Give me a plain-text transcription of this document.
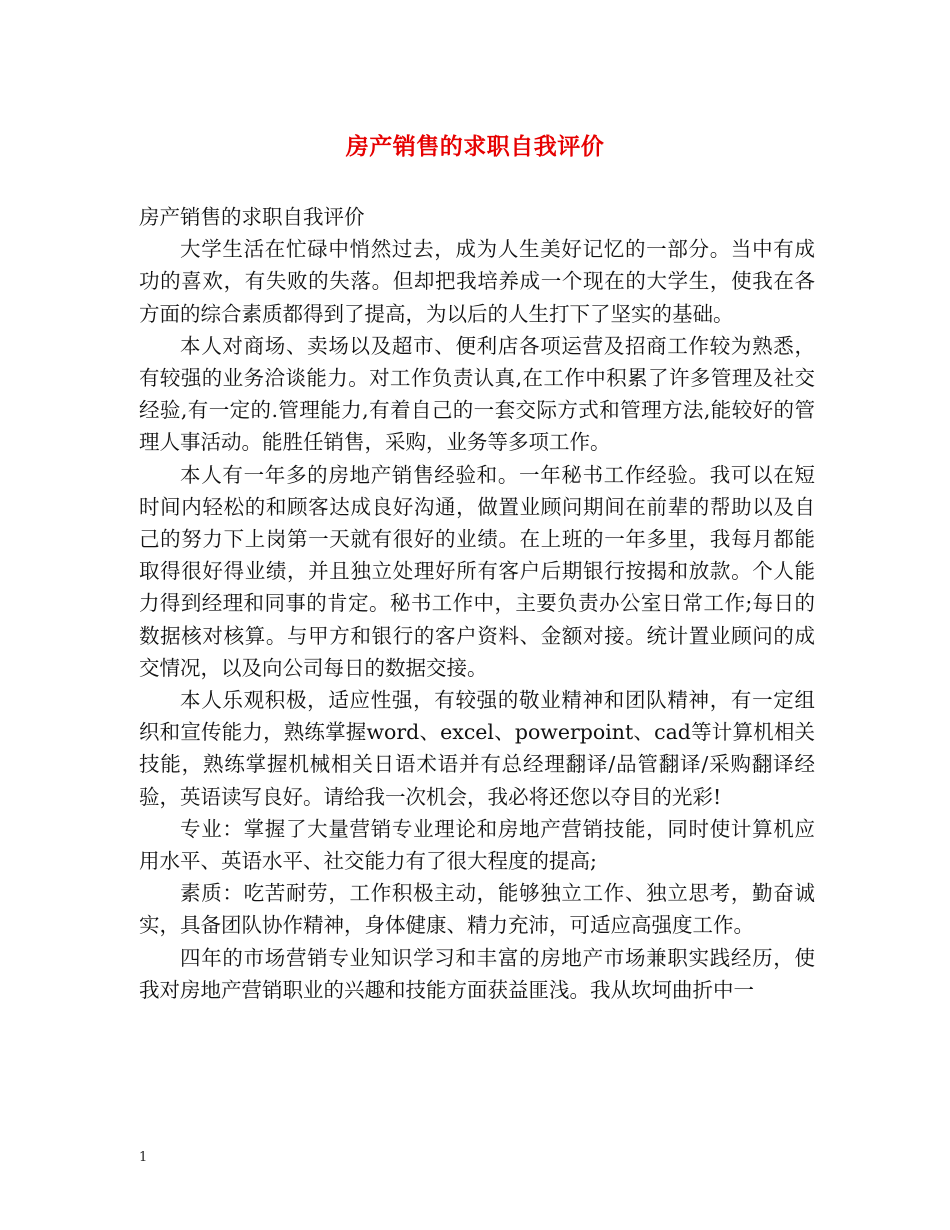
房产销售的求职自我评价

房产销售的求职自我评价

大学生活在忙碌中悄然过去，成为人生美好记忆的一部分。当中有成功的喜欢，有失败的失落。但却把我培养成一个现在的大学生，使我在各方面的综合素质都得到了提高，为以后的人生打下了坚实的基础。

本人对商场、卖场以及超市、便利店各项运营及招商工作较为熟悉，有较强的业务洽谈能力。对工作负责认真,在工作中积累了许多管理及社交经验,有一定的.管理能力,有着自己的一套交际方式和管理方法,能较好的管理人事活动。能胜任销售，采购，业务等多项工作。

本人有一年多的房地产销售经验和。一年秘书工作经验。我可以在短时间内轻松的和顾客达成良好沟通，做置业顾问期间在前辈的帮助以及自己的努力下上岗第一天就有很好的业绩。在上班的一年多里，我每月都能取得很好得业绩，并且独立处理好所有客户后期银行按揭和放款。个人能力得到经理和同事的肯定。秘书工作中，主要负责办公室日常工作;每日的数据核对核算。与甲方和银行的客户资料、金额对接。统计置业顾问的成交情况，以及向公司每日的数据交接。

本人乐观积极，适应性强，有较强的敬业精神和团队精神，有一定组织和宣传能力，熟练掌握word、excel、powerpoint、cad等计算机相关技能，熟练掌握机械相关日语术语并有总经理翻译/品管翻译/采购翻译经验，英语读写良好。请给我一次机会，我必将还您以夺目的光彩!

专业：掌握了大量营销专业理论和房地产营销技能，同时使计算机应用水平、英语水平、社交能力有了很大程度的提高;

素质：吃苦耐劳，工作积极主动，能够独立工作、独立思考，勤奋诚实，具备团队协作精神，身体健康、精力充沛，可适应高强度工作。

四年的市场营销专业知识学习和丰富的房地产市场兼职实践经历，使我对房地产营销职业的兴趣和技能方面获益匪浅。我从坎坷曲折中一

1
